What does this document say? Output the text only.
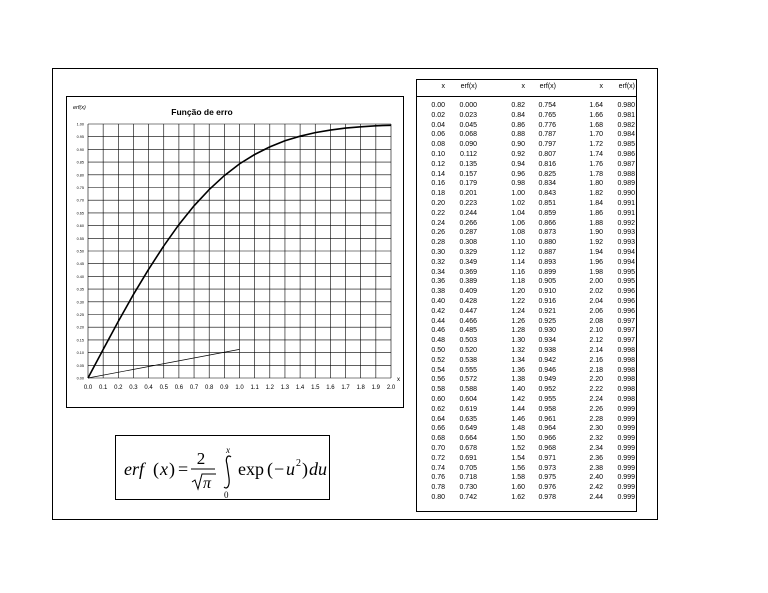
0.0 0.1 0.2 0.3 0.4 0.5 0.6 0.7 0.8 0.9 1.0 1.1 1.2 1.3 1.4 1.5 1.6 1.7 1.8 1.9 2.0
0.00
0.05
0.10
0.15
0.20
0.25
0.30
0.35
0.40
0.45
0.50
0.55
0.60
0.65
0.70
0.75
0.80
0.85
0.90
0.95
1.00
Função de erro
erf(x)
x
erf ( x ) =
2
π
x
0
exp ( − u 2 ) du
x	erf(x)	x	erf(x)	x	erf(x)
0.00	0.000	0.82	0.754	1.64	0.980
0.02	0.023	0.84	0.765	1.66	0.981
0.04	0.045	0.86	0.776	1.68	0.982
0.06	0.068	0.88	0.787	1.70	0.984
0.08	0.090	0.90	0.797	1.72	0.985
0.10	0.112	0.92	0.807	1.74	0.986
0.12	0.135	0.94	0.816	1.76	0.987
0.14	0.157	0.96	0.825	1.78	0.988
0.16	0.179	0.98	0.834	1.80	0.989
0.18	0.201	1.00	0.843	1.82	0.990
0.20	0.223	1.02	0.851	1.84	0.991
0.22	0.244	1.04	0.859	1.86	0.991
0.24	0.266	1.06	0.866	1.88	0.992
0.26	0.287	1.08	0.873	1.90	0.993
0.28	0.308	1.10	0.880	1.92	0.993
0.30	0.329	1.12	0.887	1.94	0.994
0.32	0.349	1.14	0.893	1.96	0.994
0.34	0.369	1.16	0.899	1.98	0.995
0.36	0.389	1.18	0.905	2.00	0.995
0.38	0.409	1.20	0.910	2.02	0.996
0.40	0.428	1.22	0.916	2.04	0.996
0.42	0.447	1.24	0.921	2.06	0.996
0.44	0.466	1.26	0.925	2.08	0.997
0.46	0.485	1.28	0.930	2.10	0.997
0.48	0.503	1.30	0.934	2.12	0.997
0.50	0.520	1.32	0.938	2.14	0.998
0.52	0.538	1.34	0.942	2.16	0.998
0.54	0.555	1.36	0.946	2.18	0.998
0.56	0.572	1.38	0.949	2.20	0.998
0.58	0.588	1.40	0.952	2.22	0.998
0.60	0.604	1.42	0.955	2.24	0.998
0.62	0.619	1.44	0.958	2.26	0.999
0.64	0.635	1.46	0.961	2.28	0.999
0.66	0.649	1.48	0.964	2.30	0.999
0.68	0.664	1.50	0.966	2.32	0.999
0.70	0.678	1.52	0.968	2.34	0.999
0.72	0.691	1.54	0.971	2.36	0.999
0.74	0.705	1.56	0.973	2.38	0.999
0.76	0.718	1.58	0.975	2.40	0.999
0.78	0.730	1.60	0.976	2.42	0.999
0.80	0.742	1.62	0.978	2.44	0.999
